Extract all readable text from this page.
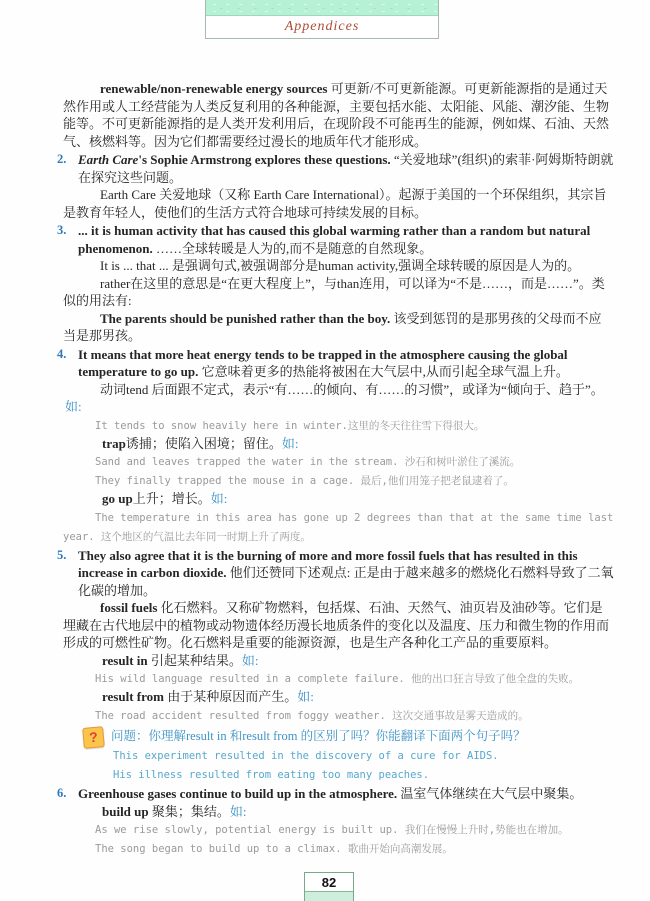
Appendices
renewable/non-renewable energy sources 可更新/不可更新能源。可更新能源指的是通过天然作用或人工经营能为人类反复利用的各种能源，主要包括水能、太阳能、风能、潮汐能、生物能等。不可更新能源指的是人类开发利用后，在现阶段不可能再生的能源，例如煤、石油、天然气、核燃料等。因为它们都需要经过漫长的地质年代才能形成。
2. Earth Care's Sophie Armstrong explores these questions. “关爱地球”(组织)的索菲·阿姆斯特朗就在探究这些问题。
Earth Care 关爱地球（又称 Earth Care International）。起源于美国的一个环保组织，其宗旨是教育年轻人，使他们的生活方式符合地球可持续发展的目标。
3. ... it is human activity that has caused this global warming rather than a random but natural phenomenon. ……全球转暖是人为的,而不是随意的自然现象。
It is ... that ... 是强调句式,被强调部分是human activity,强调全球转暖的原因是人为的。
rather在这里的意思是“在更大程度上”，与than连用，可以译为“不是……，而是……”。类似的用法有:
The parents should be punished rather than the boy. 该受到惩罚的是那男孩的父母而不应当是那男孩。
4. It means that more heat energy tends to be trapped in the atmosphere causing the global temperature to go up. 它意味着更多的热能将被困在大气层中,从而引起全球气温上升。
动词tend 后面跟不定式，表示“有……的倾向、有……的习惯”，或译为“倾向于、趋于”。
如:
It tends to snow heavily here in winter.这里的冬天往往雪下得很大。
trap诱捕；使陷入困境；留住。如:
Sand and leaves trapped the water in the stream. 沙石和树叶淤住了溪流。
They finally trapped the mouse in a cage. 最后,他们用笼子把老鼠逮着了。
go up上升；增长。如:
The temperature in this area has gone up 2 degrees than that at the same time last year. 这个地区的气温比去年同一时期上升了两度。
5. They also agree that it is the burning of more and more fossil fuels that has resulted in this increase in carbon dioxide. 他们还赞同下述观点: 正是由于越来越多的燃烧化石燃料导致了二氧化碳的增加。
fossil fuels 化石燃料。又称矿物燃料，包括煤、石油、天然气、油页岩及油砂等。它们是埋藏在古代地层中的植物或动物遗体经历漫长地质条件的变化以及温度、压力和微生物的作用而形成的可燃性矿物。化石燃料是重要的能源资源，也是生产各种化工产品的重要原料。
result in 引起某种结果。如:
His wild language resulted in a complete failure. 他的出口狂言导致了他全盘的失败。
result from 由于某种原因而产生。如:
The road accident resulted from foggy weather. 这次交通事故是雾天造成的。
?	问题：你理解result in 和result from 的区别了吗？你能翻译下面两个句子吗？
This experiment resulted in the discovery of a cure for AIDS.
His illness resulted from eating too many peaches.
6. Greenhouse gases continue to build up in the atmosphere. 温室气体继续在大气层中聚集。
build up 聚集；集结。如:
As we rise slowly, potential energy is built up. 我们在慢慢上升时,势能也在增加。
The song began to build up to a climax. 歌曲开始向高潮发展。
82
